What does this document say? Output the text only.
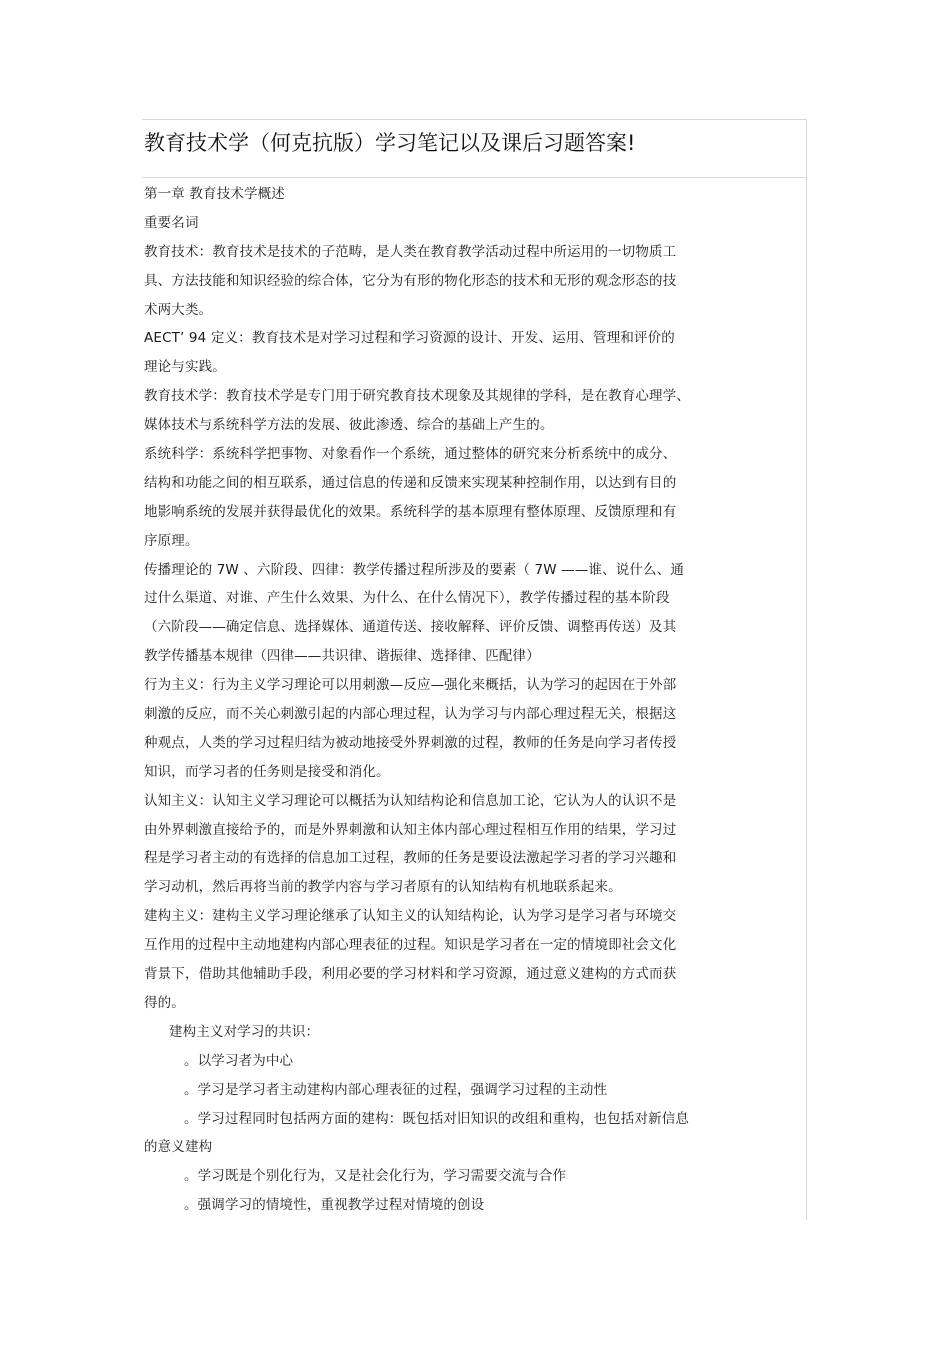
教育技术学（何克抗版）学习笔记以及课后习题答案!
第一章 教育技术学概述
重要名词
教育技术：教育技术是技术的子范畴，是人类在教育教学活动过程中所运用的一切物质工
具、方法技能和知识经验的综合体，它分为有形的物化形态的技术和无形的观念形态的技
术两大类。
AECT’ 94 定义：教育技术是对学习过程和学习资源的设计、开发、运用、管理和评价的
理论与实践。
教育技术学：教育技术学是专门用于研究教育技术现象及其规律的学科，是在教育心理学、
媒体技术与系统科学方法的发展、彼此渗透、综合的基础上产生的。
系统科学：系统科学把事物、对象看作一个系统，通过整体的研究来分析系统中的成分、
结构和功能之间的相互联系，通过信息的传递和反馈来实现某种控制作用，以达到有目的
地影响系统的发展并获得最优化的效果。系统科学的基本原理有整体原理、反馈原理和有
序原理。
传播理论的 7W 、六阶段、四律：教学传播过程所涉及的要素（ 7W ——谁、说什么、通
过什么渠道、对谁、产生什么效果、为什么、在什么情况下），教学传播过程的基本阶段
（六阶段——确定信息、选择媒体、通道传送、接收解释、评价反馈、调整再传送）及其
教学传播基本规律（四律——共识律、谐振律、选择律、匹配律）
行为主义：行为主义学习理论可以用刺激—反应—强化来概括，认为学习的起因在于外部
刺激的反应，而不关心刺激引起的内部心理过程，认为学习与内部心理过程无关，根据这
种观点，人类的学习过程归结为被动地接受外界刺激的过程，教师的任务是向学习者传授
知识，而学习者的任务则是接受和消化。
认知主义：认知主义学习理论可以概括为认知结构论和信息加工论，它认为人的认识不是
由外界刺激直接给予的，而是外界刺激和认知主体内部心理过程相互作用的结果，学习过
程是学习者主动的有选择的信息加工过程，教师的任务是要设法激起学习者的学习兴趣和
学习动机，然后再将当前的教学内容与学习者原有的认知结构有机地联系起来。
建构主义：建构主义学习理论继承了认知主义的认知结构论，认为学习是学习者与环境交
互作用的过程中主动地建构内部心理表征的过程。知识是学习者在一定的情境即社会文化
背景下，借助其他辅助手段，利用必要的学习材料和学习资源，通过意义建构的方式而获
得的。
建构主义对学习的共识：
。以学习者为中心
。学习是学习者主动建构内部心理表征的过程，强调学习过程的主动性
。学习过程同时包括两方面的建构：既包括对旧知识的改组和重构，也包括对新信息
的意义建构
。学习既是个别化行为，又是社会化行为，学习需要交流与合作
。强调学习的情境性，重视教学过程对情境的创设
